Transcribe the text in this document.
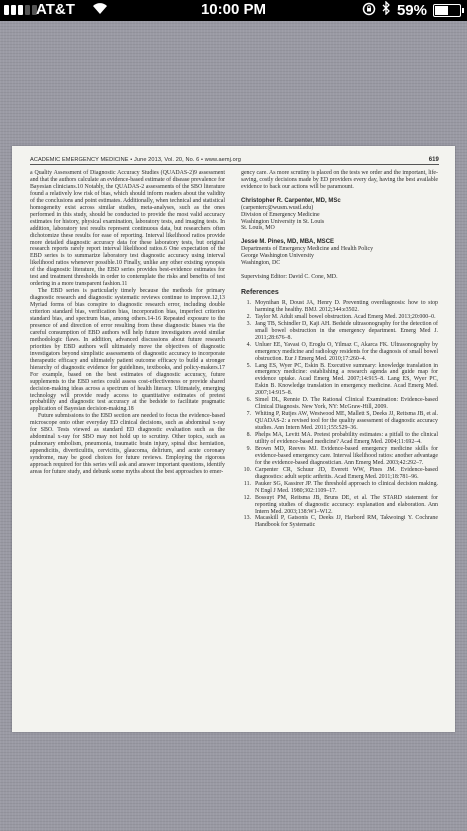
AT&T	10:00 PM	59%
ACADEMIC EMERGENCY MEDICINE • June 2013, Vol. 20, No. 6 • www.aemj.org	619

a Quality Assessment of Diagnostic Accuracy Studies (QUADAS-2)9 assessment and that the authors calculate an evidence-based estimate of disease prevalence for Bayesian clinicians.10 Notably, the QUADAS-2 assessments of the SBO literature found a relatively low risk of bias, which should inform readers about the validity of the conclusions and point estimates. Additionally, when technical and statistical homogeneity exist across similar studies, meta-analyses, such as the ones performed in this study, should be conducted to provide the most valid accuracy estimates for history, physical examination, laboratory tests, and imaging tests. In addition, laboratory test results represent continuous data, but researchers often dichotomize these results for ease of reporting. Interval likelihood ratios provide more detailed diagnostic accuracy data for these laboratory tests, but original research reports rarely report interval likelihood ratios.6 One expectation of the EBD series is to summarize laboratory test diagnostic accuracy using interval likelihood ratios whenever possible.10 Finally, unlike any other existing synopsis of the diagnostic literature, the EBD series provides best-evidence estimates for test and treatment thresholds in order to contemplate the risks and benefits of test ordering in a more transparent fashion.11

The EBD series is particularly timely because the methods for primary diagnostic research and diagnostic systematic reviews continue to improve.12,13 Myriad forms of bias conspire to diagnostic research error, including double criterion standard bias, verification bias, incorporation bias, imperfect criterion standard bias, and spectrum bias, among others.14-16 Repeated exposure to the presence of and direction of error resulting from these diagnostic biases via the careful consumption of EBD authors will help future investigators avoid similar methodologic flaws. In addition, advanced discussions about future research priorities by EBD authors will ultimately move the objectives of diagnostic investigators beyond simplistic assessments of diagnostic accuracy to incorporate therapeutic efficacy and ultimately patient outcome efficacy to build a stronger hierarchy of diagnostic evidence for guidelines, textbooks, and policy-makers.17 For example, based on the best estimates of diagnostic accuracy, future supplements to the EBD series could assess cost-effectiveness or provide shared decision-making ideas across a spectrum of health literacy. Ultimately, emerging technology will provide ready access to quantitative estimates of pretest probability and diagnostic test accuracy at the bedside to facilitate pragmatic application of Bayesian decision-making.18

Future submissions to the EBD section are needed to focus the evidence-based microscope onto other everyday ED clinical decisions, such as abdominal x-ray for SBO. Tests viewed as standard ED diagnostic evaluation such as the abdominal x-ray for SBO may not hold up to scrutiny. Other topics, such as pulmonary embolism, pneumonia, traumatic brain injury, spinal disc herniation, appendicitis, diverticulitis, cervicitis, glaucoma, delirium, and acute coronary syndrome, may be good choices for future reviews. Employing the rigorous approach required for this series will ask and answer important questions, identify areas for future study, and debunk some myths about the best approaches to emer-

gency care. As more scrutiny is placed on the tests we order and the important, life-saving, costly decisions made by ED providers every day, having the best available evidence to back our actions will be paramount.

Christopher R. Carpenter, MD, MSc
(carpenterc@wusm.wustl.edu)
Division of Emergency Medicine
Washington University in St. Louis
St. Louis, MO
Jesse M. Pines, MD, MBA, MSCE
Departments of Emergency Medicine and Health Policy
George Washington University
Washington, DC
Supervising Editor: David C. Cone, MD.
References
1. Moynihan R, Doust JA, Henry D. Preventing overdiagnosis: how to stop harming the healthy. BMJ. 2012;344:e3502.
2. Taylor M. Adult small bowel obstruction. Acad Emerg Med. 2013;20:000–0.
3. Jang TB, Schindler D, Kaji AH. Bedside ultrasonography for the detection of small bowel obstruction in the emergency department. Emerg Med J. 2011;28:676–8.
4. Unluer EE, Yavasi O, Eroglu O, Yilmaz C, Akarca FK. Ultrasonography by emergency medicine and radiology residents for the diagnosis of small bowel obstruction. Eur J Emerg Med. 2010;17:260–4.
5. Lang ES, Wyer PC, Eskin B. Executive summary: knowledge translation in emergency medicine: establishing a research agenda and guide map for evidence uptake. Acad Emerg Med. 2007;14:915–8. Lang ES, Wyer PC, Eskin B. Knowledge translation in emergency medicine. Acad Emerg Med. 2007;14:915–8.
6. Simel DL, Rennie D. The Rational Clinical Examination: Evidence-based Clinical Diagnosis. New York, NY: McGraw-Hill, 2009.
7. Whiting P, Rutjes AW, Westwood ME, Mallett S, Deeks JJ, Reitsma JB, et al. QUADAS-2: a revised tool for the quality assessment of diagnostic accuracy studies. Ann Intern Med. 2011;155:529–36.
8. Phelps MA, Levitt MA. Pretest probability estimates: a pitfall to the clinical utility of evidence-based medicine? Acad Emerg Med. 2004;11:692–4.
9. Brown MD, Reeves MJ. Evidence-based emergency medicine skills for evidence-based emergency care. Interval likelihood ratios: another advantage for the evidence-based diagnostician. Ann Emerg Med. 2003;42:292–7.
10. Carpenter CR, Schuur JD, Everett WW, Pines JM. Evidence-based diagnostics: adult septic arthritis. Acad Emerg Med. 2011;18:781–96.
11. Pauker SG, Kassirer JP. The threshold approach to clinical decision making. N Engl J Med. 1980;302:1109–17.
12. Bossuyt PM, Reitsma JB, Bruns DE, et al. The STARD statement for reporting studies of diagnostic accuracy: explanation and elaboration. Ann Intern Med. 2003;138:W1–W12.
13. Macaskill P, Gatsonis C, Deeks JJ, Harbord RM, Takwoingi Y. Cochrane Handbook for Systematic
